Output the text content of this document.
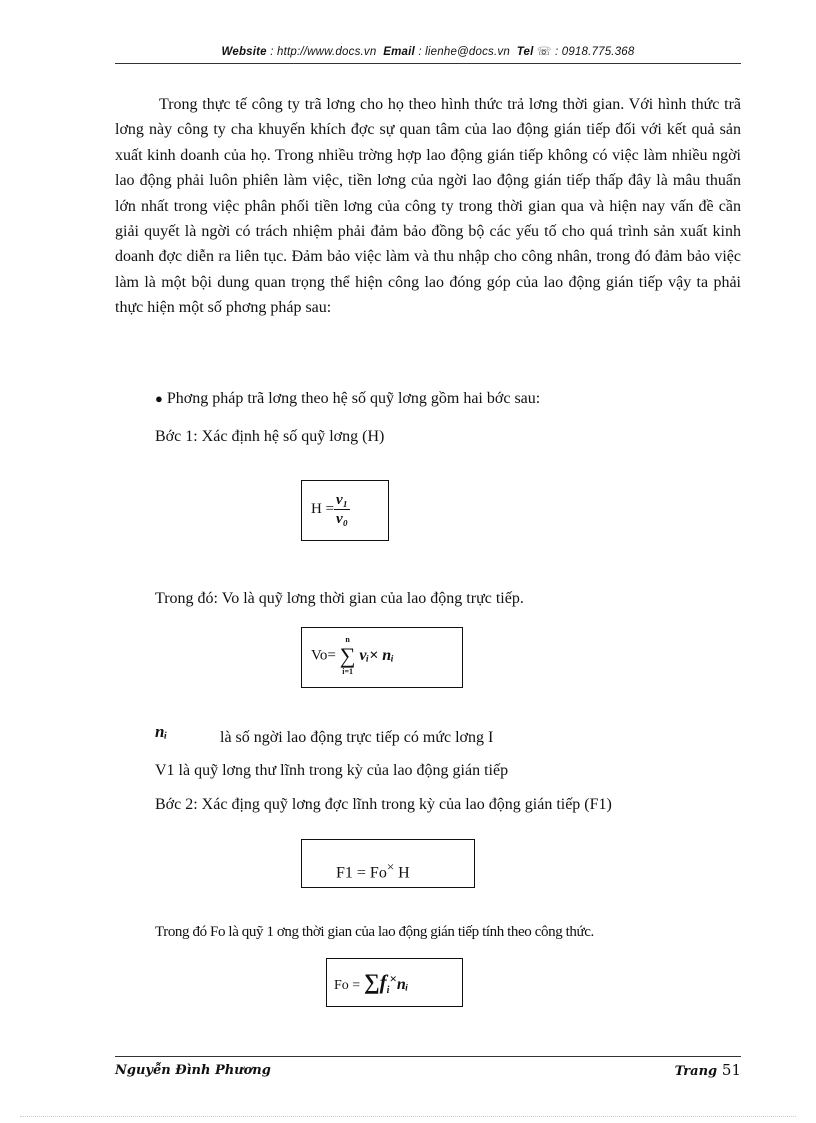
Website : http://www.docs.vn Email : lienhe@docs.vn Tel ☏ : 0918.775.368

Trong thực tế công ty trã lơng cho họ theo hình thức trả lơng thời gian. Với hình thức trã lơng này công ty cha khuyến khích đợc sự quan tâm của lao động gián tiếp đối với kết quả sản xuất kinh doanh của họ. Trong nhiều trờng hợp lao động gián tiếp không có việc làm nhiều ngời lao động phải luôn phiên làm việc, tiền lơng của ngời lao động gián tiếp thấp đây là mâu thuẩn lớn nhất trong việc phân phối tiền lơng của công ty trong thời gian qua và hiện nay vấn đề cần giải quyết là ngời có trách nhiệm phải đảm bảo đồng bộ các yếu tố cho quá trình sản xuất kinh doanh đợc diễn ra liên tục. Đảm bảo việc làm và thu nhập cho công nhân, trong đó đảm bảo việc làm là một bội dung quan trọng thể hiện công lao đóng góp của lao động gián tiếp vậy ta phải thực hiện một số phơng pháp sau:

● Phơng pháp trã lơng theo hệ số quỹ lơng gồm hai bớc sau:
Bớc 1: Xác định hệ số quỹ lơng (H)
$H = \frac{\text{v₁}}{\text{v₀}}$
Trong đó: Vo là quỹ lơng thời gian của lao động trực tiếp.
Vo=
n
∑
i=1
vᵢ× nᵢ
nᵢ	là số ngời lao động trực tiếp có mức lơng I
V1 là quỹ lơng thư lĩnh trong kỳ của lao động gián tiếp
Bớc 2: Xác địng quỹ lơng đợc lĩnh trong kỳ của lao động gián tiếp (F1)
F1 = Fo× H
Trong đó Fo là quỹ 1 ơng thời gian của lao động gián tiếp tính theo công thức.
$Fo = \sum f_i\times nᵢ$
Nguyễn Đình Phương	Trang 51
